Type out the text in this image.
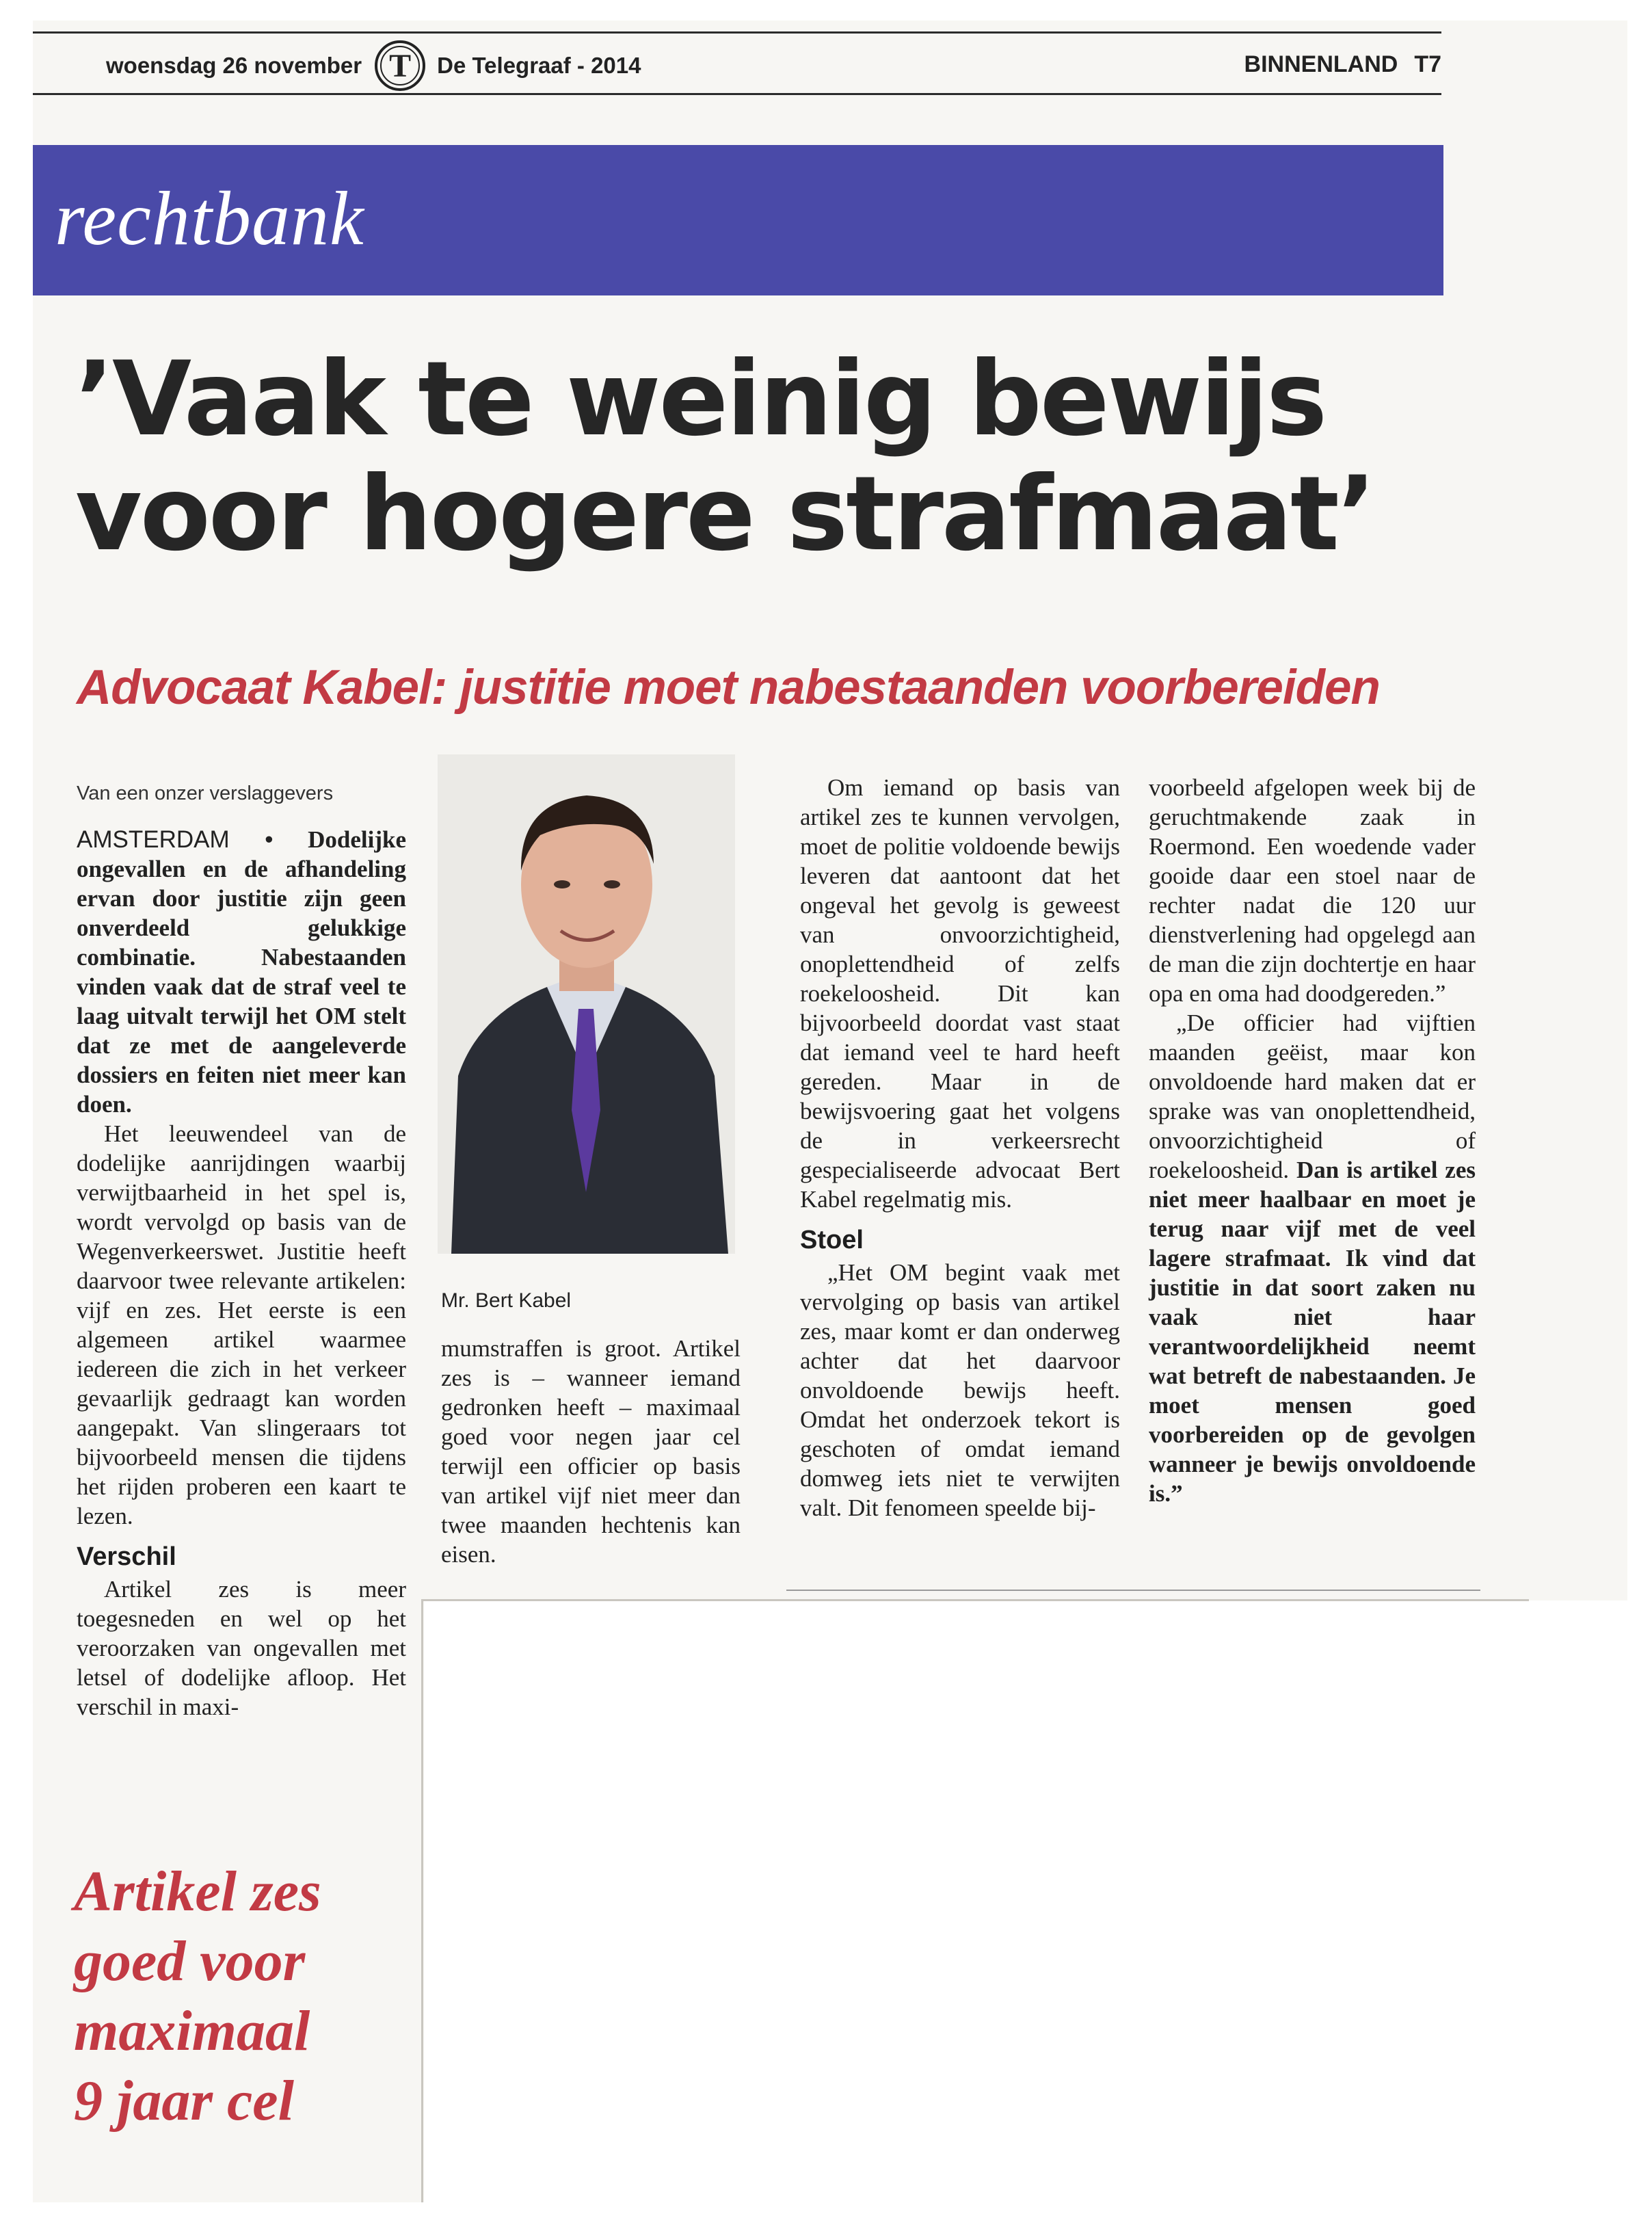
woensdag 26 november T De Telegraaf - 2014	BINNENLAND T7
rechtbank
’Vaak te weinig bewijs
voor hogere strafmaat’
Advocaat Kabel: justitie moet nabestaanden voorbereiden
Van een onzer verslaggevers

AMSTERDAM • Dodelijke ongevallen en de afhandeling ervan door justitie zijn geen onverdeeld gelukkige combinatie. Nabestaanden vinden vaak dat de straf veel te laag uitvalt terwijl het OM stelt dat ze met de aangeleverde dossiers en feiten niet meer kan doen.

Het leeuwendeel van de dodelijke aanrijdingen waarbij verwijtbaarheid in het spel is, wordt vervolgd op basis van de Wegenverkeerswet. Justitie heeft daarvoor twee relevante artikelen: vijf en zes. Het eerste is een algemeen artikel waarmee iedereen die zich in het verkeer gevaarlijk gedraagt kan worden aangepakt. Van slingeraars tot bijvoorbeeld mensen die tijdens het rijden proberen een kaart te lezen.

Verschil

Artikel zes is meer toegesneden en wel op het veroorzaken van ongevallen met letsel of dodelijke afloop. Het verschil in maxi-

Artikel zes
goed voor
maximaal
9 jaar cel
Mr. Bert Kabel

mumstraffen is groot. Artikel zes is – wanneer iemand gedronken heeft – maximaal goed voor negen jaar cel terwijl een officier op basis van artikel vijf niet meer dan twee maanden hechtenis kan eisen.

Om iemand op basis van artikel zes te kunnen vervolgen, moet de politie voldoende bewijs leveren dat aantoont dat het ongeval het gevolg is geweest van onvoorzichtigheid, onoplettendheid of zelfs roekeloosheid. Dit kan bijvoorbeeld doordat vast staat dat iemand veel te hard heeft gereden. Maar in de bewijsvoering gaat het volgens de in verkeersrecht gespecialiseerde advocaat Bert Kabel regelmatig mis.

Stoel

„Het OM begint vaak met vervolging op basis van artikel zes, maar komt er dan onderweg achter dat het daarvoor onvoldoende bewijs heeft. Omdat het onderzoek tekort is geschoten of omdat iemand domweg iets niet te verwijten valt. Dit fenomeen speelde bij-

voorbeeld afgelopen week bij de geruchtmakende zaak in Roermond. Een woedende vader gooide daar een stoel naar de rechter nadat die 120 uur dienstverlening had opgelegd aan de man die zijn dochtertje en haar opa en oma had doodgereden.”

„De officier had vijftien maanden geëist, maar kon onvoldoende hard maken dat er sprake was van onoplettendheid, onvoorzichtigheid of roekeloosheid. Dan is artikel zes niet meer haalbaar en moet je terug naar vijf met de veel lagere strafmaat. Ik vind dat justitie in dat soort zaken nu vaak niet haar verantwoordelijkheid neemt wat betreft de nabestaanden. Je moet mensen goed voorbereiden op de gevolgen wanneer je bewijs onvoldoende is.”
